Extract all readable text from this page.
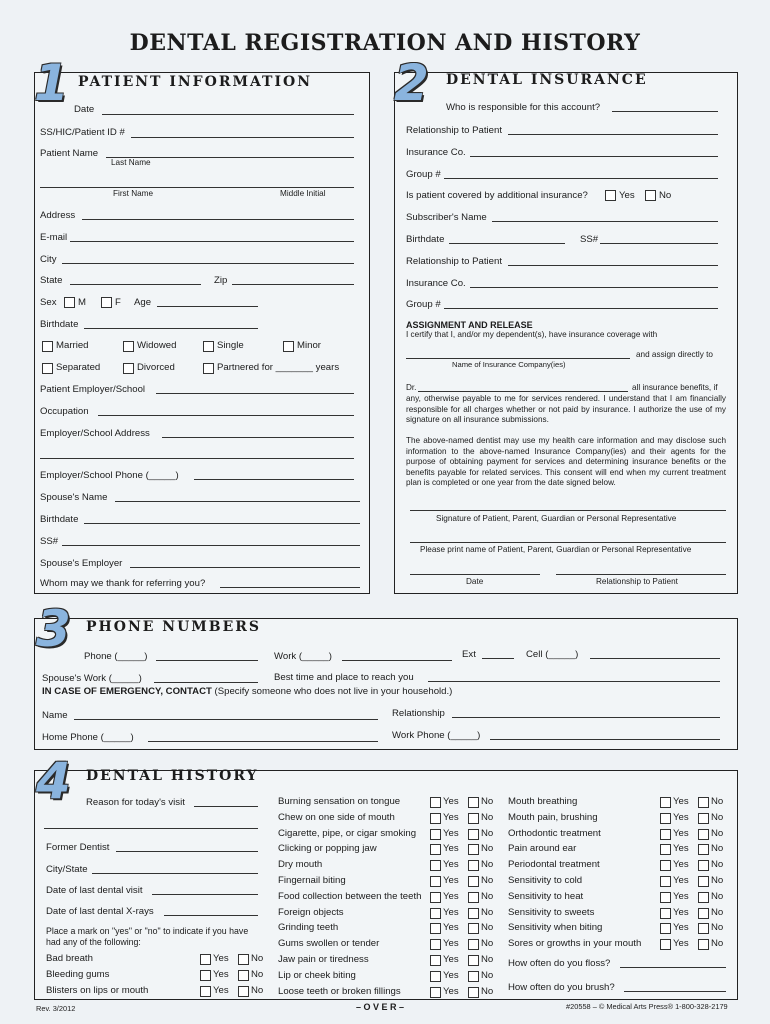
DENTAL REGISTRATION AND HISTORY
1 PATIENT INFORMATION
Date
SS/HIC/Patient ID #
Patient Name
Last Name
First Name	Middle Initial
Address
E-mail
City
State	Zip
Sex M	F Age
Birthdate
Married	Widowed	Single	Minor
Separated	Divorced	Partnered for _______ years
Patient Employer/School
Occupation
Employer/School Address
Employer/School Phone (_____)
Spouse's Name
Birthdate
SS#
Spouse's Employer
Whom may we thank for referring you?
2 DENTAL INSURANCE
Who is responsible for this account?
Relationship to Patient
Insurance Co.
Group #
Is patient covered by additional insurance?	Yes	No
Subscriber's Name
Birthdate	SS#
Relationship to Patient
Insurance Co.
Group #
ASSIGNMENT AND RELEASE
I certify that I, and/or my dependent(s), have insurance coverage with
and assign directly to
Name of Insurance Company(ies)
Dr.	all insurance benefits, if
any, otherwise payable to me for services rendered. I understand that I am financially responsible for all charges whether or not paid by insurance. I authorize the use of my signature on all insurance submissions.
The above-named dentist may use my health care information and may disclose such information to the above-named Insurance Company(ies) and their agents for the purpose of obtaining payment for services and determining insurance benefits or the benefits payable for related services. This consent will end when my current treatment plan is completed or one year from the date signed below.
Signature of Patient, Parent, Guardian or Personal Representative
Please print name of Patient, Parent, Guardian or Personal Representative
Date	Relationship to Patient
3 PHONE NUMBERS
Phone (_____)	Work (_____)	Ext	Cell (_____)
Spouse's Work (_____)	Best time and place to reach you
IN CASE OF EMERGENCY, CONTACT (Specify someone who does not live in your household.)
Name	Relationship
Home Phone (_____)	Work Phone (_____)
4 DENTAL HISTORY
Reason for today's visit
Former Dentist
City/State
Date of last dental visit
Date of last dental X-rays
Place a mark on "yes" or "no" to indicate if you have had any of the following:
Bad breath	Yes No
Bleeding gums	Yes No
Blisters on lips or mouth	Yes No
Burning sensation on tongue	Yes No
Chew on one side of mouth	Yes No
Cigarette, pipe, or cigar smoking	Yes No
Clicking or popping jaw	Yes No
Dry mouth	Yes No
Fingernail biting	Yes No
Food collection between the teeth Yes No
Foreign objects	Yes No
Grinding teeth	Yes No
Gums swollen or tender	Yes No
Jaw pain or tiredness	Yes No
Lip or cheek biting	Yes No
Loose teeth or broken fillings	Yes No
Mouth breathing	Yes No
Mouth pain, brushing	Yes No
Orthodontic treatment	Yes No
Pain around ear	Yes No
Periodontal treatment	Yes No
Sensitivity to cold	Yes No
Sensitivity to heat	Yes No
Sensitivity to sweets	Yes No
Sensitivity when biting	Yes No
Sores or growths in your mouth	Yes No
How often do you floss?
How often do you brush?
Rev. 3/2012	– O V E R –	#20558 – © Medical Arts Press® 1-800-328-2179
